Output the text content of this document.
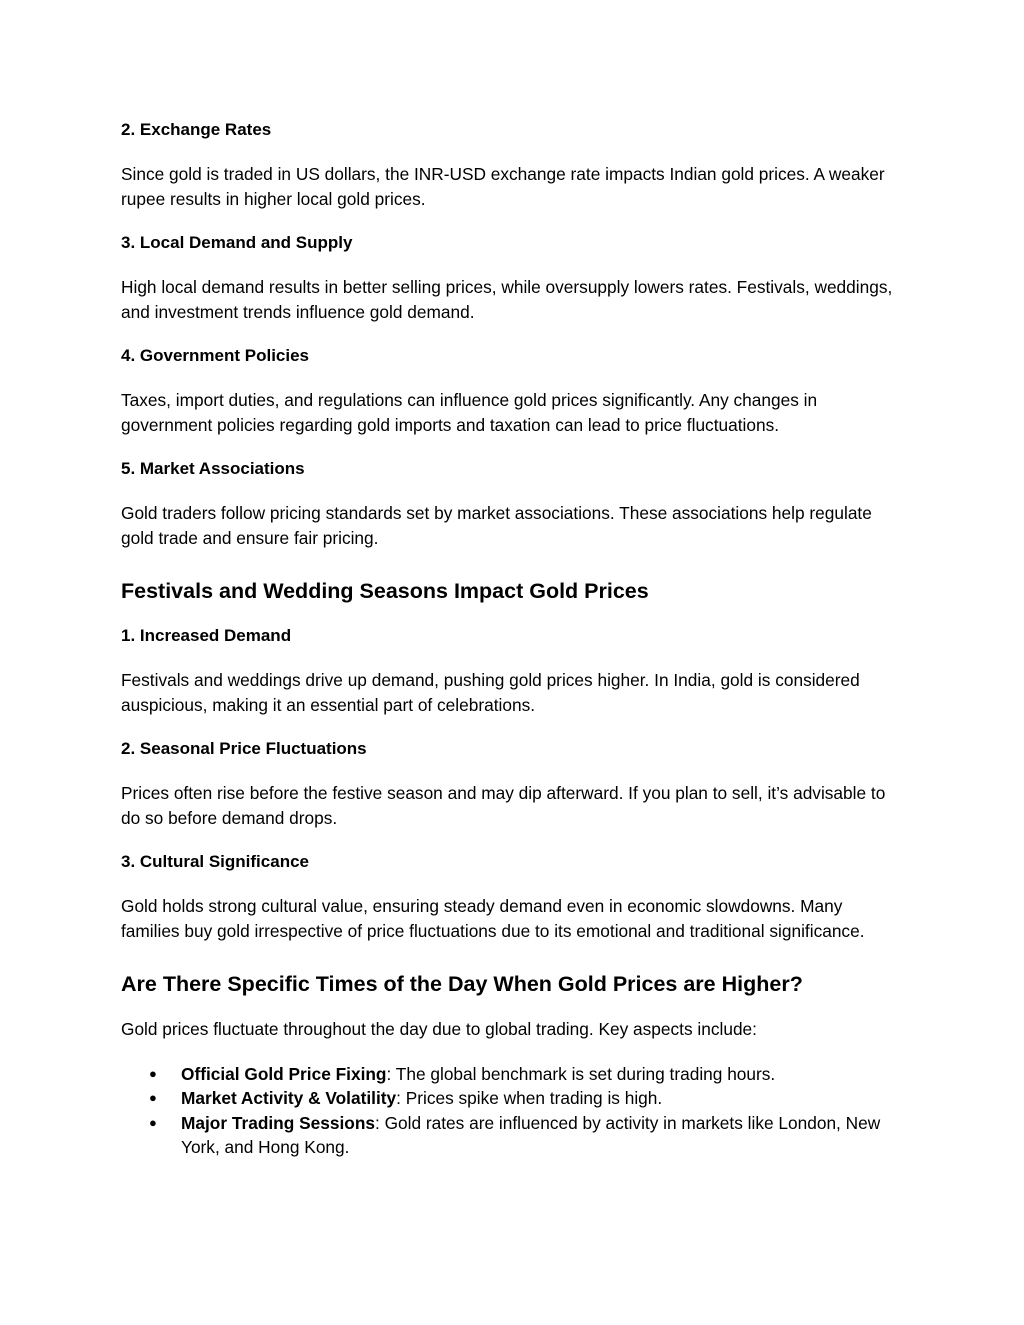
2. Exchange Rates

Since gold is traded in US dollars, the INR-USD exchange rate impacts Indian gold prices. A weaker rupee results in higher local gold prices.

3. Local Demand and Supply

High local demand results in better selling prices, while oversupply lowers rates. Festivals, weddings, and investment trends influence gold demand.

4. Government Policies

Taxes, import duties, and regulations can influence gold prices significantly. Any changes in government policies regarding gold imports and taxation can lead to price fluctuations.

5. Market Associations

Gold traders follow pricing standards set by market associations. These associations help regulate gold trade and ensure fair pricing.

Festivals and Wedding Seasons Impact Gold Prices
1. Increased Demand

Festivals and weddings drive up demand, pushing gold prices higher. In India, gold is considered auspicious, making it an essential part of celebrations.

2. Seasonal Price Fluctuations

Prices often rise before the festive season and may dip afterward. If you plan to sell, it’s advisable to do so before demand drops.

3. Cultural Significance

Gold holds strong cultural value, ensuring steady demand even in economic slowdowns. Many families buy gold irrespective of price fluctuations due to its emotional and traditional significance.

Are There Specific Times of the Day When Gold Prices are Higher?

Gold prices fluctuate throughout the day due to global trading. Key aspects include:

● Official Gold Price Fixing: The global benchmark is set during trading hours.
● Market Activity & Volatility: Prices spike when trading is high.
● Major Trading Sessions: Gold rates are influenced by activity in markets like London, New York, and Hong Kong.
